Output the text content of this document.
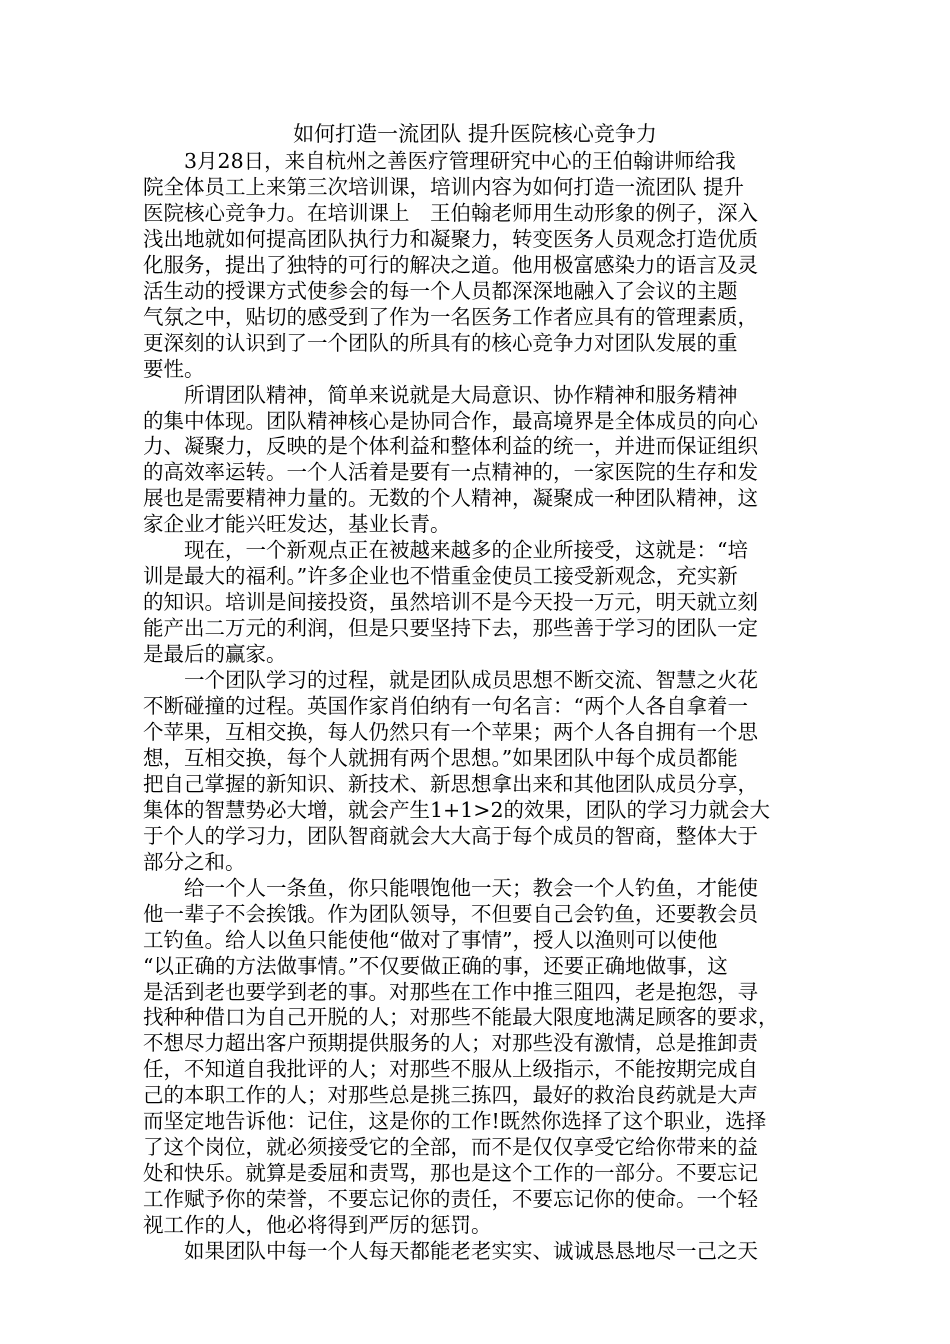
如何打造一流团队 提升医院核心竞争力
　　3月28日，来自杭州之善医疗管理研究中心的王伯翰讲师给我
院全体员工上来第三次培训课，培训内容为如何打造一流团队 提升
医院核心竞争力。在培训课上　王伯翰老师用生动形象的例子，深入
浅出地就如何提高团队执行力和凝聚力，转变医务人员观念打造优质
化服务，提出了独特的可行的解决之道。他用极富感染力的语言及灵
活生动的授课方式使参会的每一个人员都深深地融入了会议的主题
气氛之中，贴切的感受到了作为一名医务工作者应具有的管理素质，
更深刻的认识到了一个团队的所具有的核心竞争力对团队发展的重
要性。
　　所谓团队精神，简单来说就是大局意识、协作精神和服务精神
的集中体现。团队精神核心是协同合作，最高境界是全体成员的向心
力、凝聚力，反映的是个体利益和整体利益的统一，并进而保证组织
的高效率运转。一个人活着是要有一点精神的，一家医院的生存和发
展也是需要精神力量的。无数的个人精神，凝聚成一种团队精神，这
家企业才能兴旺发达，基业长青。
　　现在，一个新观点正在被越来越多的企业所接受，这就是：“培
训是最大的福利。”许多企业也不惜重金使员工接受新观念，充实新
的知识。培训是间接投资，虽然培训不是今天投一万元，明天就立刻
能产出二万元的利润，但是只要坚持下去，那些善于学习的团队一定
是最后的赢家。
　　一个团队学习的过程，就是团队成员思想不断交流、智慧之火花
不断碰撞的过程。英国作家肖伯纳有一句名言：“两个人各自拿着一
个苹果，互相交换，每人仍然只有一个苹果；两个人各自拥有一个思
想，互相交换，每个人就拥有两个思想。”如果团队中每个成员都能
把自己掌握的新知识、新技术、新思想拿出来和其他团队成员分享，
集体的智慧势必大增，就会产生1+1>2的效果，团队的学习力就会大
于个人的学习力，团队智商就会大大高于每个成员的智商，整体大于
部分之和。
　　给一个人一条鱼，你只能喂饱他一天；教会一个人钓鱼，才能使
他一辈子不会挨饿。作为团队领导，不但要自己会钓鱼，还要教会员
工钓鱼。给人以鱼只能使他“做对了事情”，授人以渔则可以使他
“以正确的方法做事情。”不仅要做正确的事，还要正确地做事，这
是活到老也要学到老的事。对那些在工作中推三阻四，老是抱怨，寻
找种种借口为自己开脱的人；对那些不能最大限度地满足顾客的要求，
不想尽力超出客户预期提供服务的人；对那些没有激情，总是推卸责
任，不知道自我批评的人；对那些不服从上级指示，不能按期完成自
己的本职工作的人；对那些总是挑三拣四，最好的救治良药就是大声
而坚定地告诉他：记住，这是你的工作!既然你选择了这个职业，选择
了这个岗位，就必须接受它的全部，而不是仅仅享受它给你带来的益
处和快乐。就算是委屈和责骂，那也是这个工作的一部分。不要忘记
工作赋予你的荣誉，不要忘记你的责任，不要忘记你的使命。一个轻
视工作的人，他必将得到严厉的惩罚。
　　如果团队中每一个人每天都能老老实实、诚诚恳恳地尽一己之天
